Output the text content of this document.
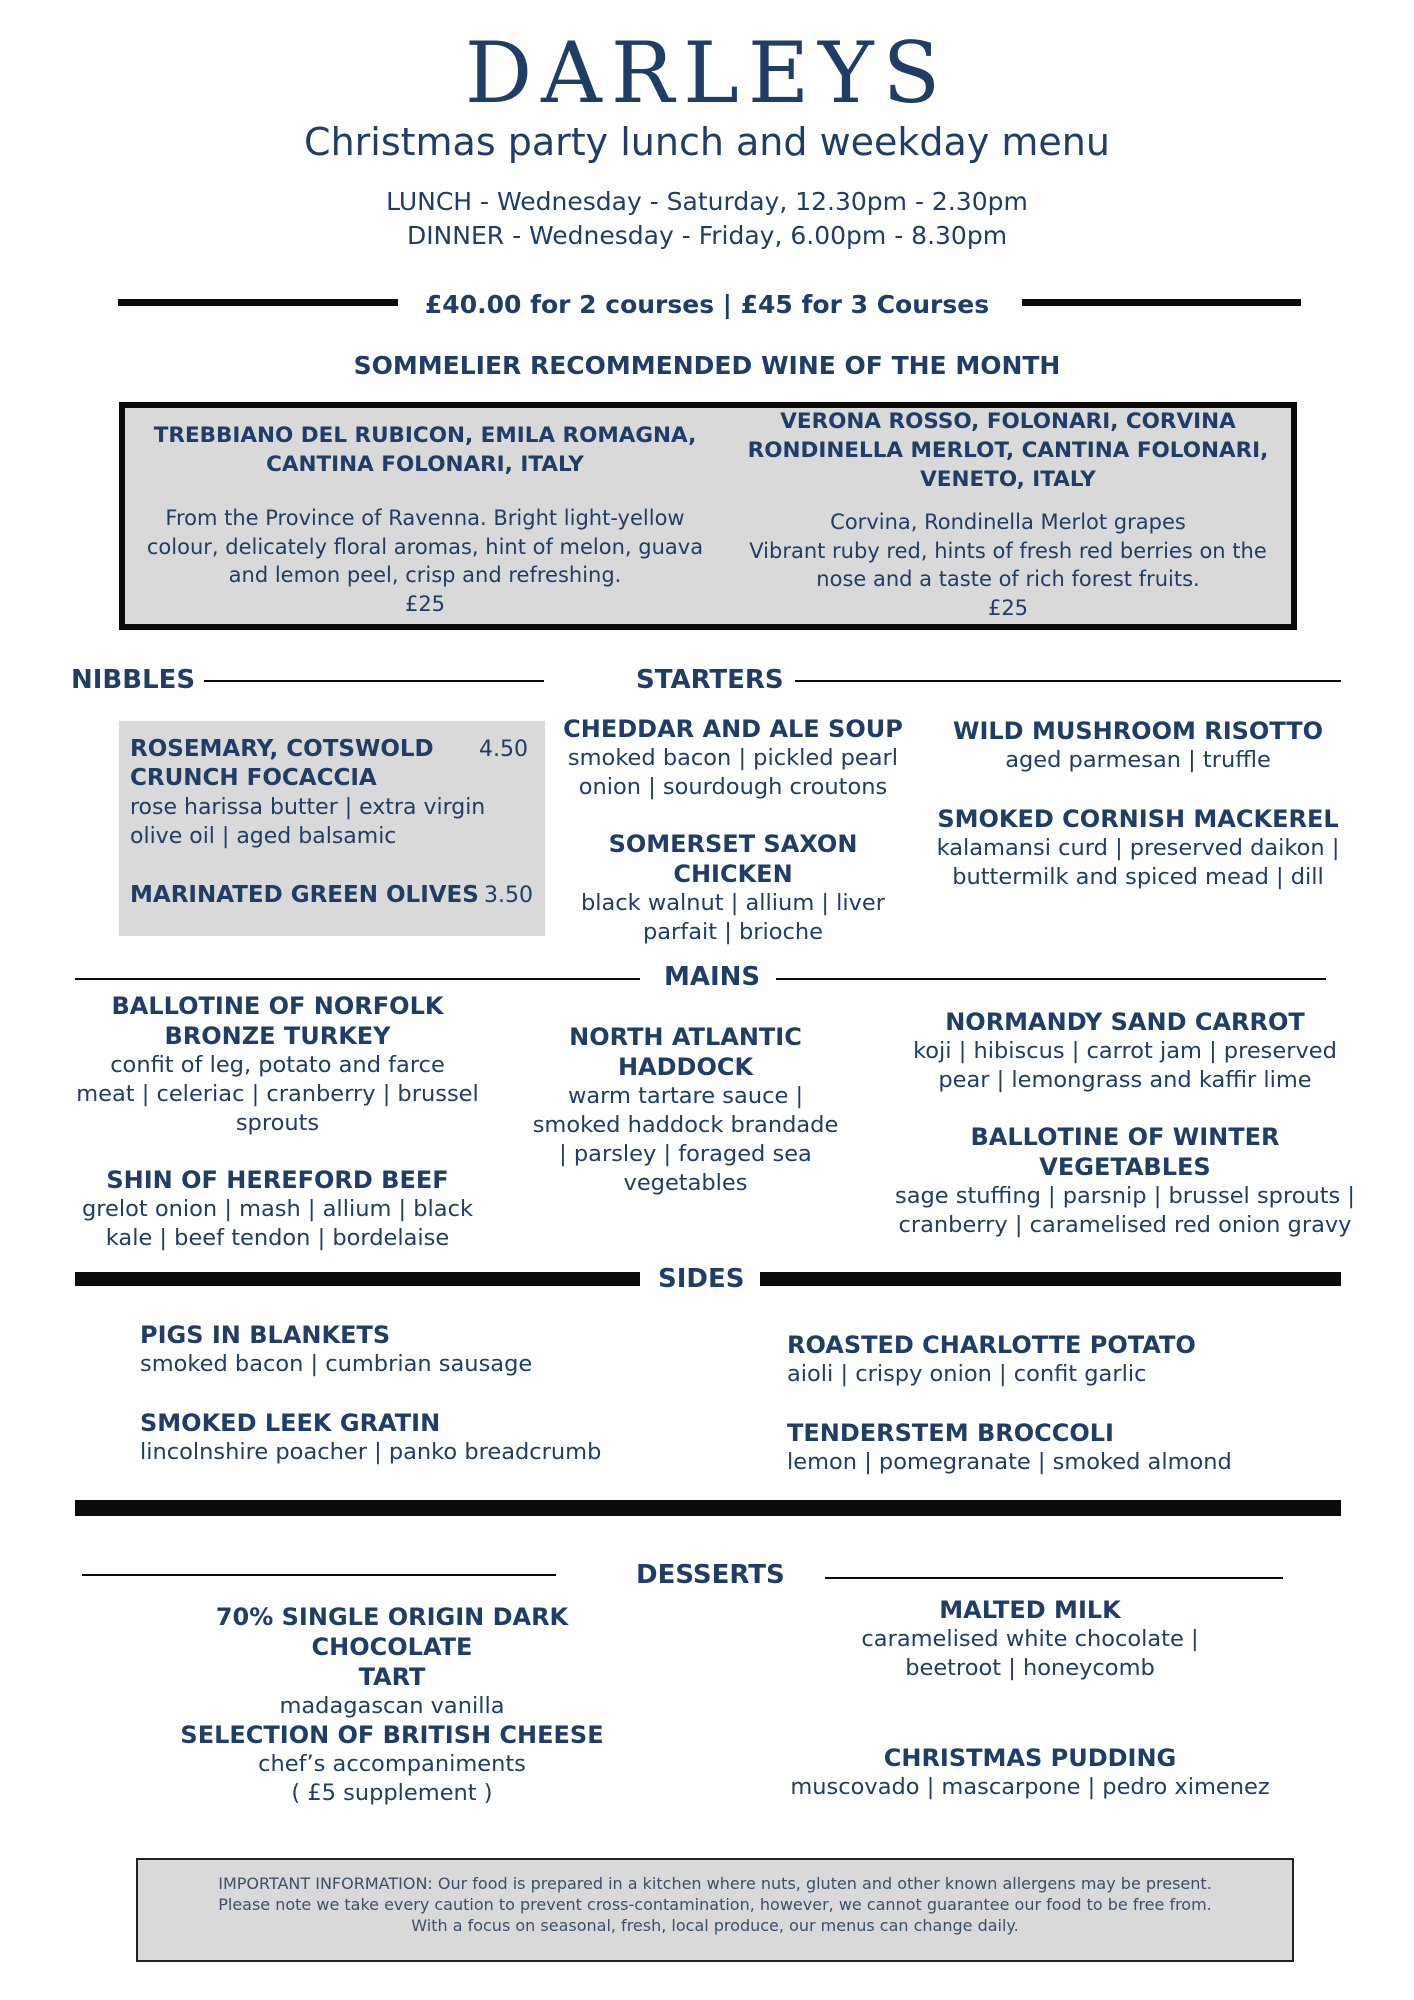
DARLEYS
Christmas party lunch and weekday menu
LUNCH - Wednesday - Saturday, 12.30pm - 2.30pm
DINNER - Wednesday - Friday, 6.00pm - 8.30pm
£40.00 for 2 courses | £45 for 3 Courses
SOMMELIER RECOMMENDED WINE OF THE MONTH
TREBBIANO DEL RUBICON, EMILA ROMAGNA,
CANTINA FOLONARI, ITALY
From the Province of Ravenna. Bright light-yellow
colour, delicately floral aromas, hint of melon, guava
and lemon peel, crisp and refreshing.
£25
VERONA ROSSO, FOLONARI, CORVINA
RONDINELLA MERLOT, CANTINA FOLONARI,
VENETO, ITALY
Corvina, Rondinella Merlot grapes
Vibrant ruby red, hints of fresh red berries on the
nose and a taste of rich forest fruits.
£25
NIBBLES	STARTERS
ROSEMARY, COTSWOLD
CRUNCH FOCACCIA
rose harissa butter | extra virgin
olive oil | aged balsamic
4.50
MARINATED GREEN OLIVES 3.50
CHEDDAR AND ALE SOUP
smoked bacon | pickled pearl
onion | sourdough croutons
SOMERSET SAXON CHICKEN
black walnut | allium | liver
parfait | brioche
WILD MUSHROOM RISOTTO
aged parmesan | truffle
SMOKED CORNISH MACKEREL
kalamansi curd | preserved daikon |
buttermilk and spiced mead | dill
MAINS
BALLOTINE OF NORFOLK
BRONZE TURKEY
confit of leg, potato and farce
meat | celeriac | cranberry | brussel
sprouts
SHIN OF HEREFORD BEEF
grelot onion | mash | allium | black
kale | beef tendon | bordelaise
NORTH ATLANTIC
HADDOCK
warm tartare sauce |
smoked haddock brandade
| parsley | foraged sea
vegetables
NORMANDY SAND CARROT
koji | hibiscus | carrot jam | preserved
pear | lemongrass and kaffir lime
BALLOTINE OF WINTER
VEGETABLES
sage stuffing | parsnip | brussel sprouts |
cranberry | caramelised red onion gravy
SIDES
PIGS IN BLANKETS
smoked bacon | cumbrian sausage
SMOKED LEEK GRATIN
lincolnshire poacher | panko breadcrumb
ROASTED CHARLOTTE POTATO
aioli | crispy onion | confit garlic
TENDERSTEM BROCCOLI
lemon | pomegranate | smoked almond
DESSERTS
70% SINGLE ORIGIN DARK CHOCOLATE
TART
madagascan vanilla
SELECTION OF BRITISH CHEESE
chef’s accompaniments
( £5 supplement )
MALTED MILK
caramelised white chocolate |
beetroot | honeycomb
CHRISTMAS PUDDING
muscovado | mascarpone | pedro ximenez
IMPORTANT INFORMATION: Our food is prepared in a kitchen where nuts, gluten and other known allergens may be present.
Please note we take every caution to prevent cross-contamination, however, we cannot guarantee our food to be free from.
With a focus on seasonal, fresh, local produce, our menus can change daily.
